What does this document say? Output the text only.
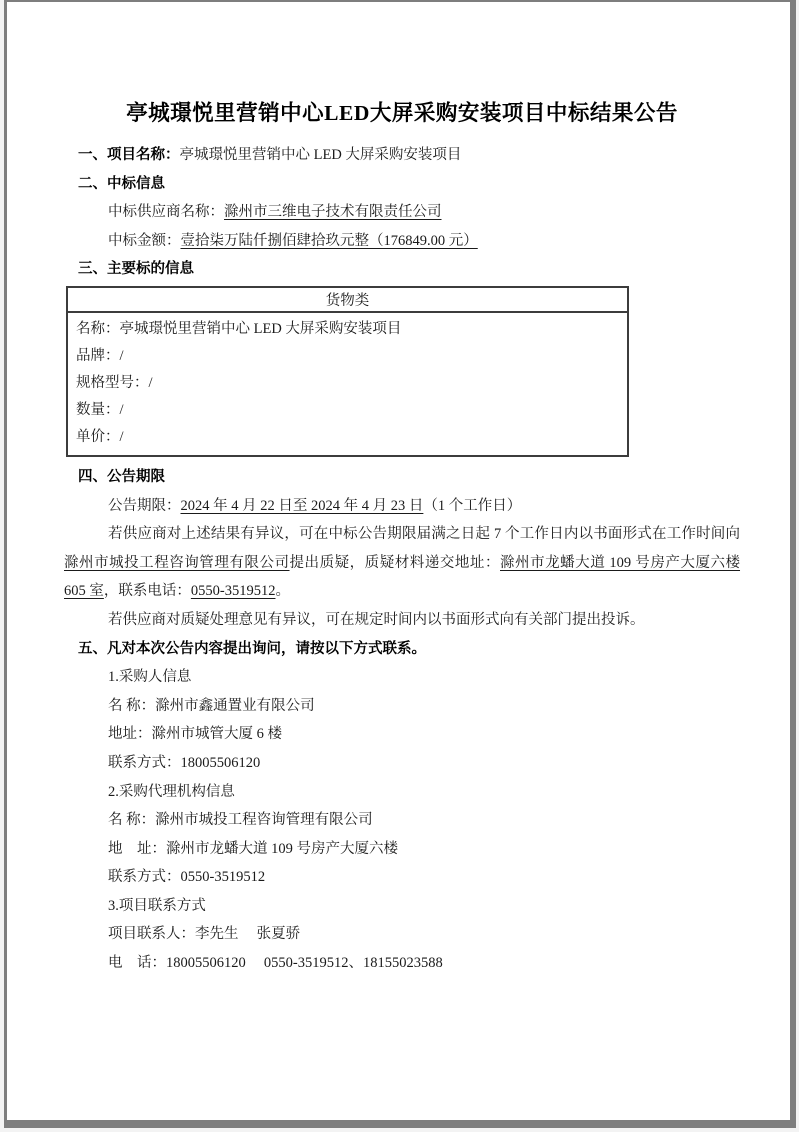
亭城璟悦里营销中心LED大屏采购安装项目中标结果公告
一、项目名称：亭城璟悦里营销中心 LED 大屏采购安装项目
二、中标信息
中标供应商名称：滁州市三维电子技术有限责任公司
中标金额：壹拾柒万陆仟捌佰肆拾玖元整（176849.00 元）
三、主要标的信息
货物类

名称：亭城璟悦里营销中心 LED 大屏采购安装项目
品牌：/
规格型号：/
数量：/
单价：/
四、公告期限
公告期限：2024 年 4 月 22 日至 2024 年 4 月 23 日（1 个工作日）

若供应商对上述结果有异议，可在中标公告期限届满之日起 7 个工作日内以书面形式在工作时间向滁州市城投工程咨询管理有限公司提出质疑，质疑材料递交地址：滁州市龙蟠大道 109 号房产大厦六楼 605 室，联系电话：0550-3519512。

若供应商对质疑处理意见有异议，可在规定时间内以书面形式向有关部门提出投诉。
五、凡对本次公告内容提出询问，请按以下方式联系。
1.采购人信息
名 称：滁州市鑫通置业有限公司
地址：滁州市城管大厦 6 楼
联系方式：18005506120
2.采购代理机构信息
名 称：滁州市城投工程咨询管理有限公司
地　址：滁州市龙蟠大道 109 号房产大厦六楼
联系方式：0550-3519512
3.项目联系方式
项目联系人：李先生　 张夏骄
电　话：18005506120　 0550-3519512、18155023588
